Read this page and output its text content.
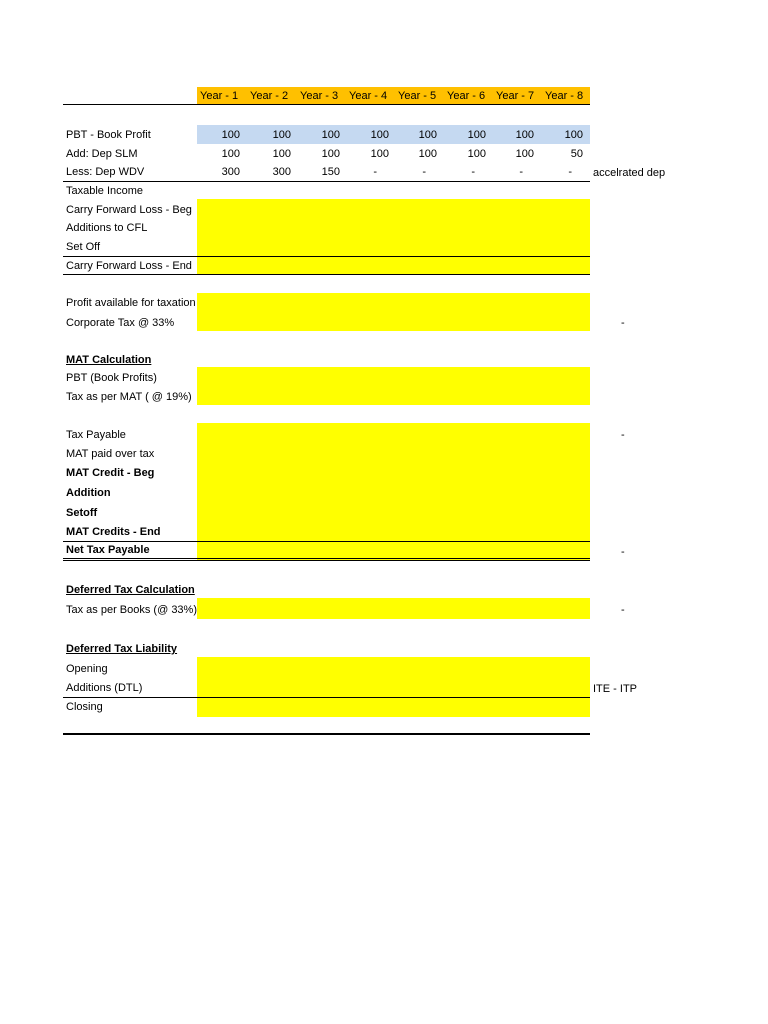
Year - 1 Year - 2 Year - 3 Year - 4 Year - 5 Year - 6 Year - 7 Year - 8
PBT - Book Profit	100	100	100	100	100	100	100	100
Add: Dep SLM	100	100	100	100	100	100	100	50
Less: Dep WDV	300	300	150	-	-	-	-	- accelrated dep
Taxable Income
Carry Forward Loss - Beg
Additions to CFL
Set Off
Carry Forward Loss - End
Profit available for taxation
Corporate Tax @ 33%	-
MAT Calculation
PBT (Book Profits)
Tax as per MAT ( @ 19%)
Tax Payable	-
MAT paid over tax
MAT Credit - Beg
Addition
Setoff
MAT Credits - End
Net Tax Payable	-
Deferred Tax Calculation
Tax as per Books (@ 33%)	-
Deferred Tax Liability
Opening
Additions (DTL)	ITE - ITP
Closing
